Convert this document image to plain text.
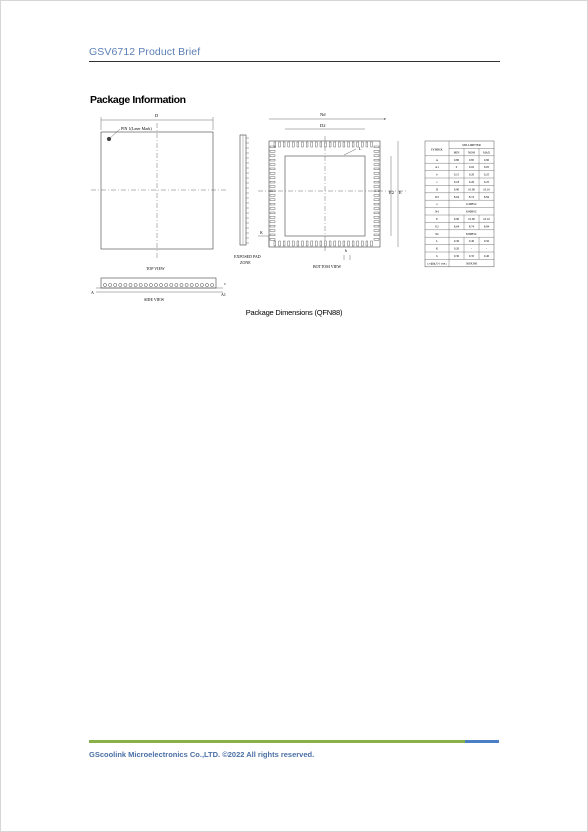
GSV6712 Product Brief
Package Information
D
PIN 1(Laser Mark)
TOP VIEW
SIDE VIEW
c
A	A1
Nd
D2
E
E2
e
K
b
L
EXPOSED PAD
ZONE
BOTTOM VIEW
SYMBOL
MILLIMETER
MIN	NOM	MAX
A	0.80	0.85	0.90
A1	0	0.02	0.05
b	0.15	0.20	0.25
c	0.18	0.20	0.25
D	9.90	10.00	10.10
D2	8.64	8.74	8.84
e	0.40BSC
Nd	8.80BSC
E	9.90	10.00	10.10
E2	8.64	8.74	8.84
Ne	8.80BSC
L	0.30	0.40	0.50
K	0.20	-	-
h	0.30	0.35	0.40
L/F载体尺寸 (MIL)	360X360
Package Dimensions (QFN88)
GScoolink Microelectronics Co.,LTD. ©2022 All rights reserved.
